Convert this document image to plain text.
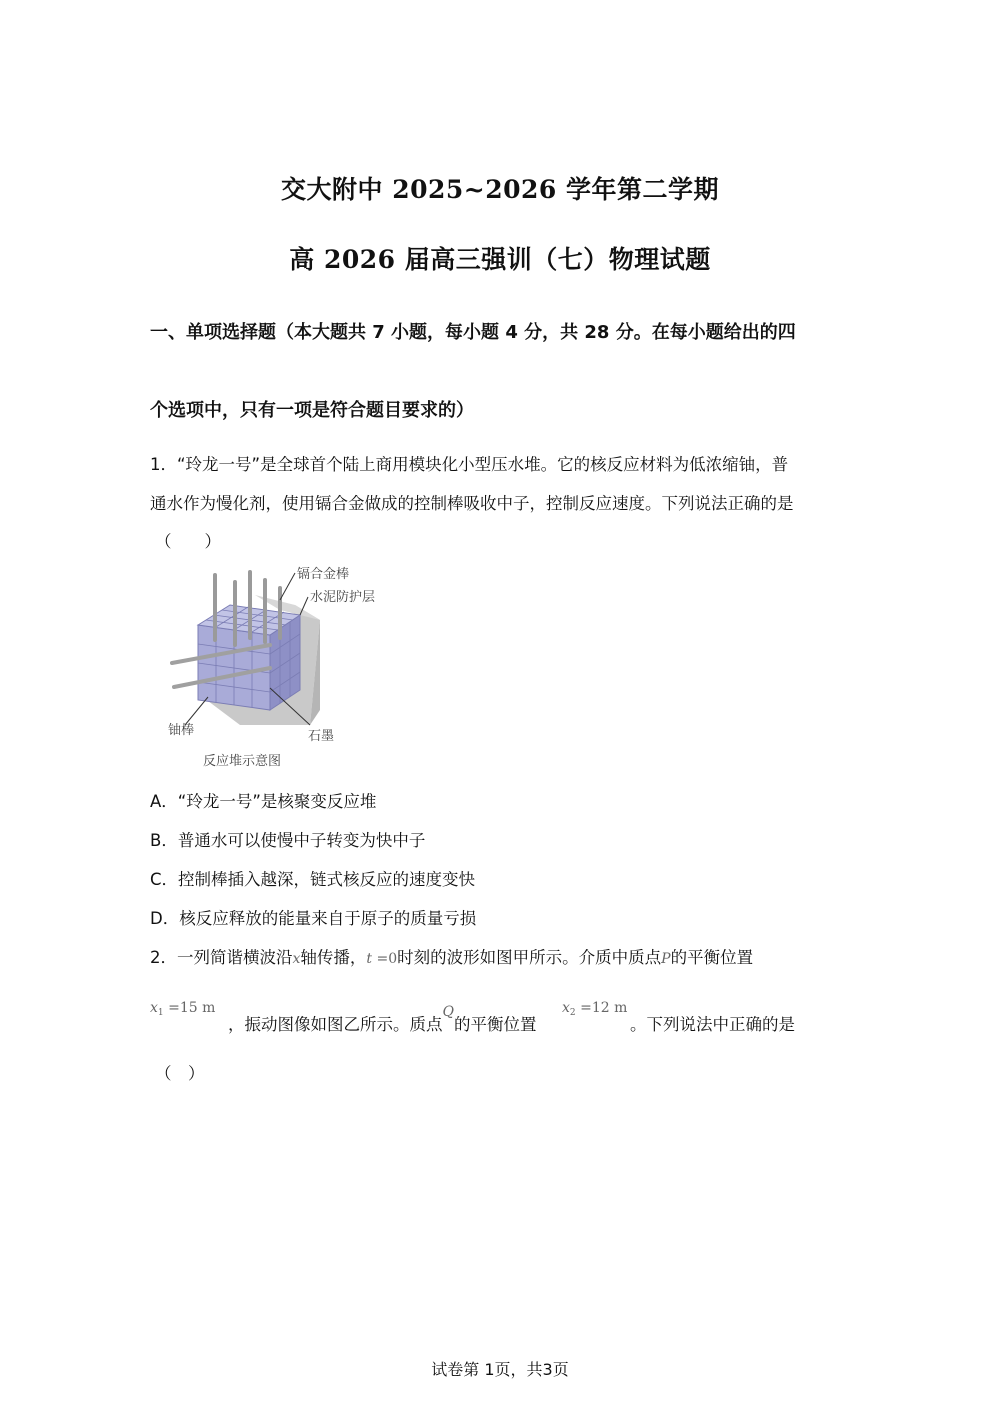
交大附中 2025~2026 学年第二学期
高 2026 届高三强训（七）物理试题
一、单项选择题（本大题共 7 小题，每小题 4 分，共 28 分。在每小题给出的四
个选项中，只有一项是符合题目要求的）
1．“玲龙一号”是全球首个陆上商用模块化小型压水堆。它的核反应材料为低浓缩铀，普
通水作为慢化剂，使用镉合金做成的控制棒吸收中子，控制反应速度。下列说法正确的是
（　　）
镉合金棒
水泥防护层
铀棒	石墨
反应堆示意图
A．“玲龙一号”是核聚变反应堆
B．普通水可以使慢中子转变为快中子
C．控制棒插入越深，链式核反应的速度变快
D．核反应释放的能量来自于原子的质量亏损
2．一列简谐横波沿x轴传播，t =0时刻的波形如图甲所示。介质中质点P的平衡位置
$x_1 =15$ m
，振动图像如图乙所示。质点$^Q$的平衡位置
$x_2 =12$ m
。下列说法中正确的是
（　）
试卷第 1页，共3页
